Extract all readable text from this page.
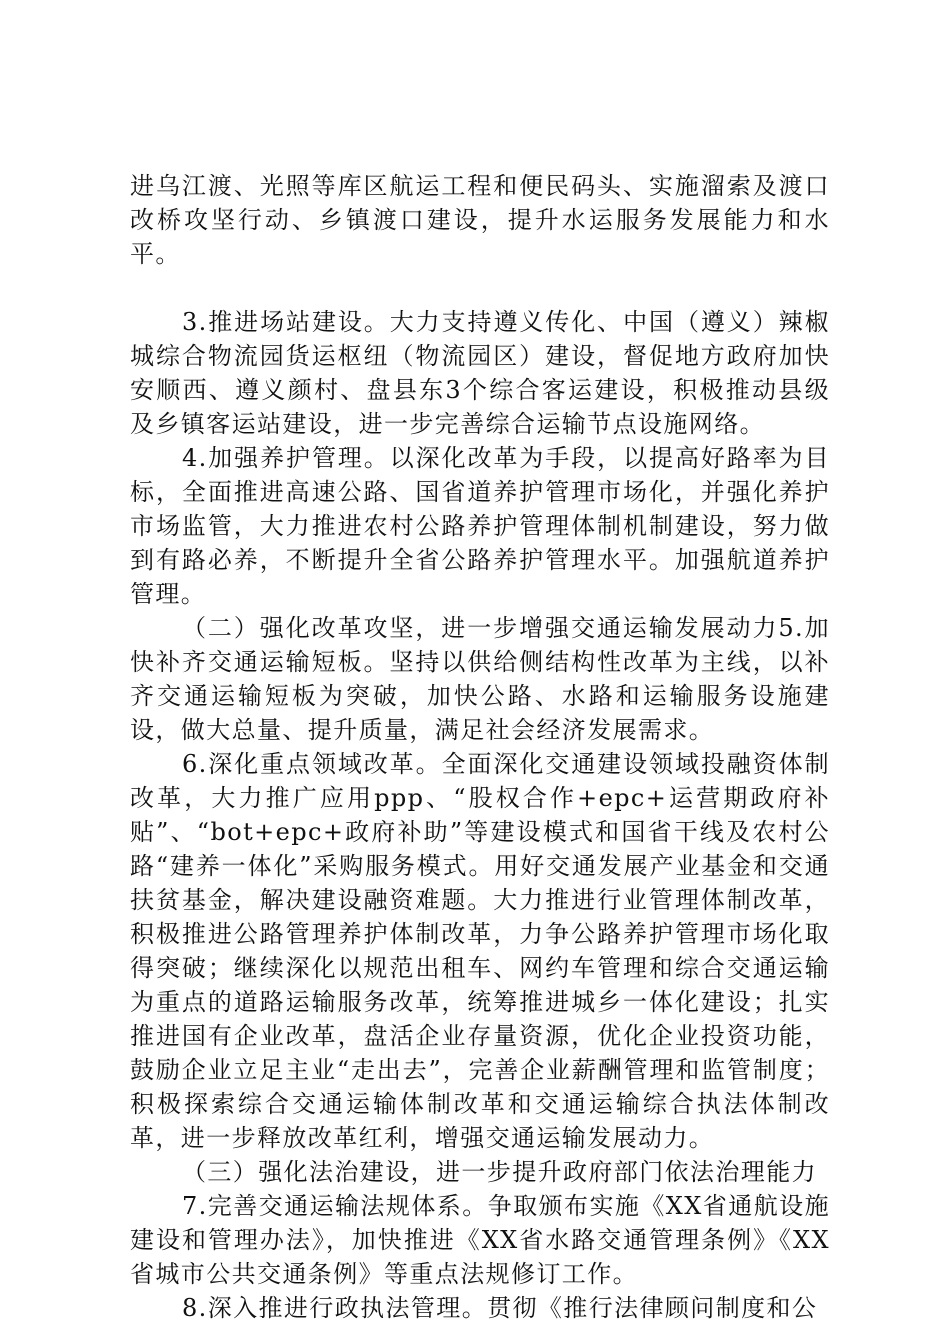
进乌江渡、光照等库区航运工程和便民码头、实施溜索及渡口改桥攻坚行动、乡镇渡口建设，提升水运服务发展能力和水平。

3.推进场站建设。大力支持遵义传化、中国（遵义）辣椒城综合物流园货运枢纽（物流园区）建设，督促地方政府加快安顺西、遵义颜村、盘县东3个综合客运建设，积极推动县级及乡镇客运站建设，进一步完善综合运输节点设施网络。

4.加强养护管理。以深化改革为手段，以提高好路率为目标，全面推进高速公路、国省道养护管理市场化，并强化养护市场监管，大力推进农村公路养护管理体制机制建设，努力做到有路必养，不断提升全省公路养护管理水平。加强航道养护管理。

（二）强化改革攻坚，进一步增强交通运输发展动力5.加快补齐交通运输短板。坚持以供给侧结构性改革为主线，以补齐交通运输短板为突破，加快公路、水路和运输服务设施建设，做大总量、提升质量，满足社会经济发展需求。

6.深化重点领域改革。全面深化交通建设领域投融资体制改革，大力推广应用ppp、“股权合作+epc+运营期政府补贴”、“bot+epc+政府补助”等建设模式和国省干线及农村公路“建养一体化”采购服务模式。用好交通发展产业基金和交通扶贫基金，解决建设融资难题。大力推进行业管理体制改革，积极推进公路管理养护体制改革，力争公路养护管理市场化取得突破；继续深化以规范出租车、网约车管理和综合交通运输为重点的道路运输服务改革，统筹推进城乡一体化建设；扎实推进国有企业改革，盘活企业存量资源，优化企业投资功能，鼓励企业立足主业“走出去”，完善企业薪酬管理和监管制度；积极探索综合交通运输体制改革和交通运输综合执法体制改革，进一步释放改革红利，增强交通运输发展动力。

（三）强化法治建设，进一步提升政府部门依法治理能力

7.完善交通运输法规体系。争取颁布实施《XX省通航设施建设和管理办法》，加快推进《XX省水路交通管理条例》《XX省城市公共交通条例》等重点法规修订工作。

8.深入推进行政执法管理。贯彻《推行法律顾问制度和公
